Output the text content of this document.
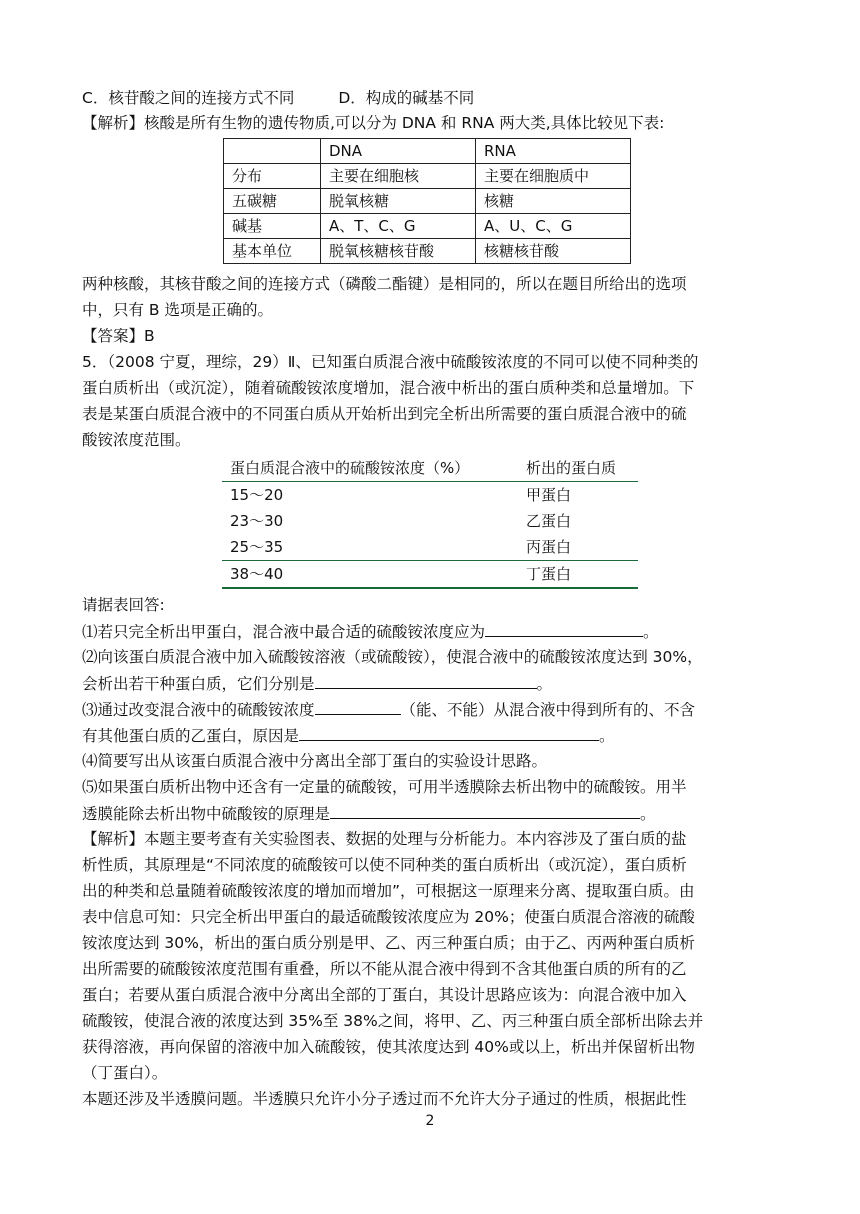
C．核苷酸之间的连接方式不同	D．构成的碱基不同
【解析】核酸是所有生物的遗传物质,可以分为 DNA 和 RNA 两大类,具体比较见下表:
	DNA	RNA
分布	主要在细胞核	主要在细胞质中
五碳糖	脱氧核糖	核糖
碱基	A、T、C、G	A、U、C、G
基本单位	脱氧核糖核苷酸	核糖核苷酸
两种核酸，其核苷酸之间的连接方式（磷酸二酯键）是相同的，所以在题目所给出的选项
中，只有 B 选项是正确的。
【答案】B
5．（2008 宁夏，理综，29）Ⅱ、已知蛋白质混合液中硫酸铵浓度的不同可以使不同种类的
蛋白质析出（或沉淀），随着硫酸铵浓度增加，混合液中析出的蛋白质种类和总量增加。下
表是某蛋白质混合液中的不同蛋白质从开始析出到完全析出所需要的蛋白质混合液中的硫
酸铵浓度范围。
蛋白质混合液中的硫酸铵浓度（%）	析出的蛋白质
15～20	甲蛋白
23～30	乙蛋白
25～35	丙蛋白
38～40	丁蛋白
请据表回答:
⑴若只完全析出甲蛋白，混合液中最合适的硫酸铵浓度应为	。
⑵向该蛋白质混合液中加入硫酸铵溶液（或硫酸铵），使混合液中的硫酸铵浓度达到 30%，
会析出若干种蛋白质，它们分别是	。
⑶通过改变混合液中的硫酸铵浓度	（能、不能）从混合液中得到所有的、不含
有其他蛋白质的乙蛋白，原因是	。
⑷简要写出从该蛋白质混合液中分离出全部丁蛋白的实验设计思路。
⑸如果蛋白质析出物中还含有一定量的硫酸铵，可用半透膜除去析出物中的硫酸铵。用半
透膜能除去析出物中硫酸铵的原理是	。
【解析】本题主要考查有关实验图表、数据的处理与分析能力。本内容涉及了蛋白质的盐
析性质，其原理是“不同浓度的硫酸铵可以使不同种类的蛋白质析出（或沉淀），蛋白质析
出的种类和总量随着硫酸铵浓度的增加而增加”，可根据这一原理来分离、提取蛋白质。由
表中信息可知：只完全析出甲蛋白的最适硫酸铵浓度应为 20%；使蛋白质混合溶液的硫酸
铵浓度达到 30%，析出的蛋白质分别是甲、乙、丙三种蛋白质；由于乙、丙两种蛋白质析
出所需要的硫酸铵浓度范围有重叠，所以不能从混合液中得到不含其他蛋白质的所有的乙
蛋白；若要从蛋白质混合液中分离出全部的丁蛋白，其设计思路应该为：向混合液中加入
硫酸铵，使混合液的浓度达到 35%至 38%之间，将甲、乙、丙三种蛋白质全部析出除去并
获得溶液，再向保留的溶液中加入硫酸铵，使其浓度达到 40%或以上，析出并保留析出物
（丁蛋白）。
本题还涉及半透膜问题。半透膜只允许小分子透过而不允许大分子通过的性质，根据此性
2
